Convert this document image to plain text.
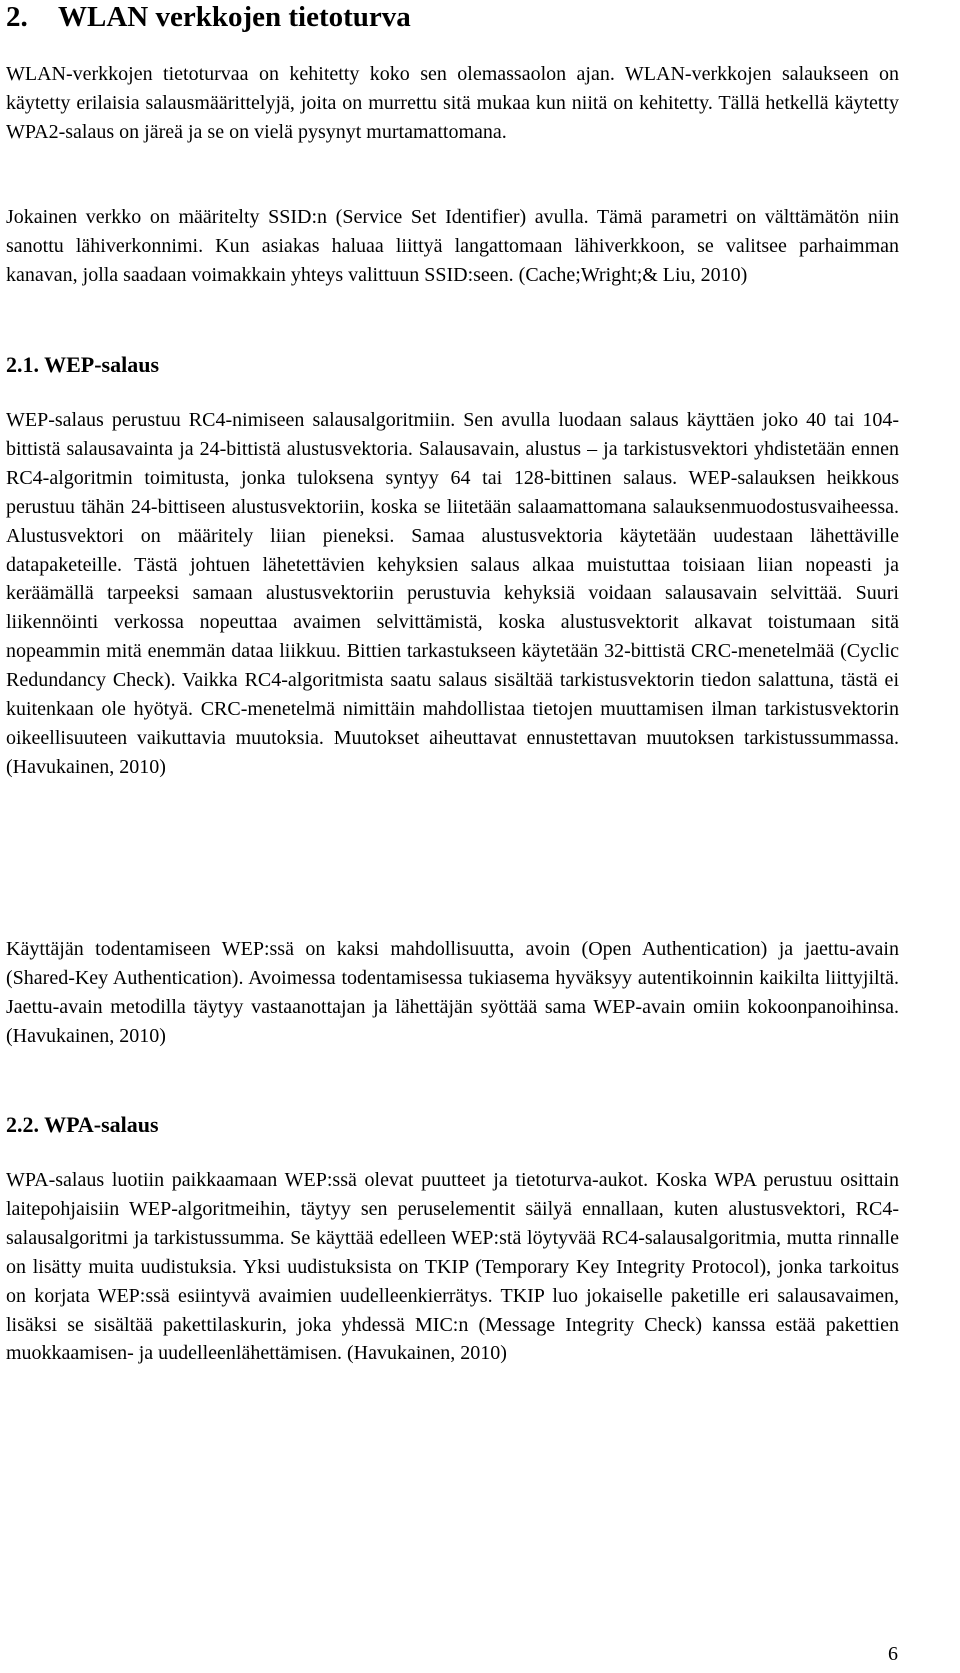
2. WLAN verkkojen tietoturva

WLAN-verkkojen tietoturvaa on kehitetty koko sen olemassaolon ajan. WLAN-verkkojen salaukseen on käytetty erilaisia salausmäärittelyjä, joita on murrettu sitä mukaa kun niitä on kehitetty. Tällä hetkellä käytetty WPA2-salaus on järeä ja se on vielä pysynyt murtamattomana.

Jokainen verkko on määritelty SSID:n (Service Set Identifier) avulla. Tämä parametri on välttämätön niin sanottu lähiverkonnimi. Kun asiakas haluaa liittyä langattomaan lähiverkkoon, se valitsee parhaimman kanavan, jolla saadaan voimakkain yhteys valittuun SSID:seen. (Cache;Wright;& Liu, 2010)

2.1. WEP-salaus

WEP-salaus perustuu RC4-nimiseen salausalgoritmiin. Sen avulla luodaan salaus käyttäen joko 40 tai 104-bittistä salausavainta ja 24-bittistä alustusvektoria. Salausavain, alustus – ja tarkistusvektori yhdistetään ennen RC4-algoritmin toimitusta, jonka tuloksena syntyy 64 tai 128-bittinen salaus. WEP-salauksen heikkous perustuu tähän 24-bittiseen alustusvektoriin, koska se liitetään salaamattomana salauksenmuodostusvaiheessa. Alustusvektori on määritely liian pieneksi. Samaa alustusvektoria käytetään uudestaan lähettäville datapaketeille. Tästä johtuen lähetettävien kehyksien salaus alkaa muistuttaa toisiaan liian nopeasti ja keräämällä tarpeeksi samaan alustusvektoriin perustuvia kehyksiä voidaan salausavain selvittää. Suuri liikennöinti verkossa nopeuttaa avaimen selvittämistä, koska alustusvektorit alkavat toistumaan sitä nopeammin mitä enemmän dataa liikkuu. Bittien tarkastukseen käytetään 32-bittistä CRC-menetelmää (Cyclic Redundancy Check). Vaikka RC4-algoritmista saatu salaus sisältää tarkistusvektorin tiedon salattuna, tästä ei kuitenkaan ole hyötyä. CRC-menetelmä nimittäin mahdollistaa tietojen muuttamisen ilman tarkistusvektorin oikeellisuuteen vaikuttavia muutoksia. Muutokset aiheuttavat ennustettavan muutoksen tarkistussummassa. (Havukainen, 2010)

Käyttäjän todentamiseen WEP:ssä on kaksi mahdollisuutta, avoin (Open Authentication) ja jaettu-avain (Shared-Key Authentication). Avoimessa todentamisessa tukiasema hyväksyy autentikoinnin kaikilta liittyjiltä. Jaettu-avain metodilla täytyy vastaanottajan ja lähettäjän syöttää sama WEP-avain omiin kokoonpanoihinsa. (Havukainen, 2010)

2.2. WPA-salaus

WPA-salaus luotiin paikkaamaan WEP:ssä olevat puutteet ja tietoturva-aukot. Koska WPA perustuu osittain laitepohjaisiin WEP-algoritmeihin, täytyy sen peruselementit säilyä ennallaan, kuten alustusvektori, RC4-salausalgoritmi ja tarkistussumma. Se käyttää edelleen WEP:stä löytyvää RC4-salausalgoritmia, mutta rinnalle on lisätty muita uudistuksia. Yksi uudistuksista on TKIP (Temporary Key Integrity Protocol), jonka tarkoitus on korjata WEP:ssä esiintyvä avaimien uudelleenkierrätys. TKIP luo jokaiselle paketille eri salausavaimen, lisäksi se sisältää pakettilaskurin, joka yhdessä MIC:n (Message Integrity Check) kanssa estää pakettien muokkaamisen- ja uudelleenlähettämisen. (Havukainen, 2010)

6
